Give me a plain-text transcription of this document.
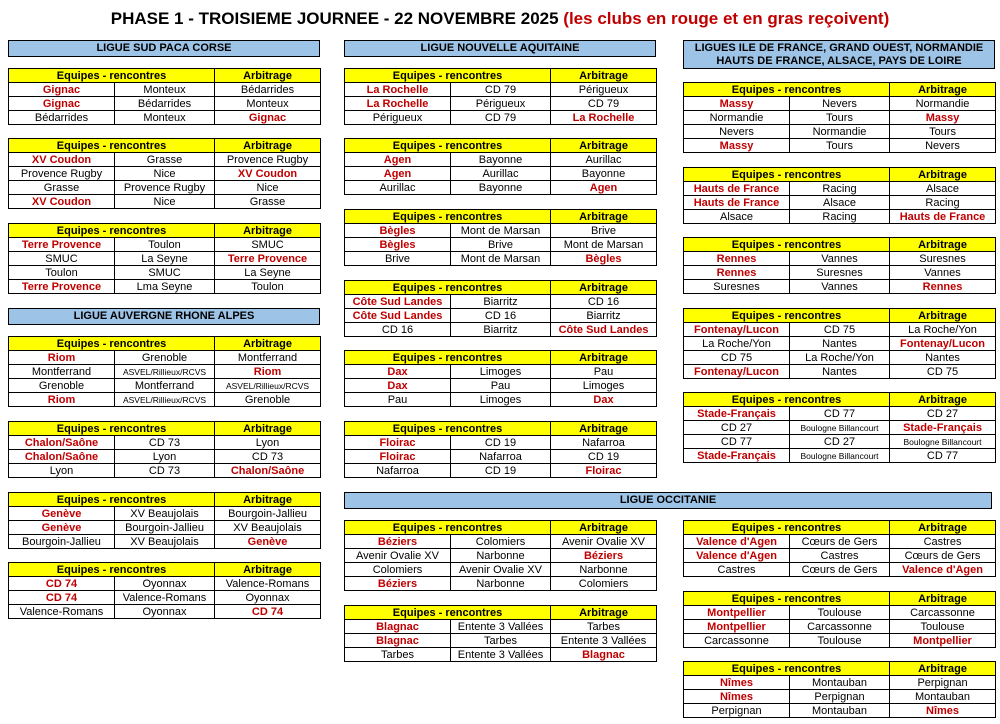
PHASE 1 - TROISIEME JOURNEE - 22 NOVEMBRE 2025 (les clubs en rouge et en gras reçoivent)
LIGUE SUD PACA CORSE
Equipes - rencontres		Arbitrage
Gignac	Monteux	Bédarrides
Gignac	Bédarrides	Monteux
Bédarrides	Monteux	Gignac
Equipes - rencontres		Arbitrage
XV Coudon	Grasse	Provence Rugby
Provence Rugby	Nice	XV Coudon
Grasse	Provence Rugby	Nice
XV Coudon	Nice	Grasse
Equipes - rencontres		Arbitrage
Terre Provence	Toulon	SMUC
SMUC	La Seyne	Terre Provence
Toulon	SMUC	La Seyne
Terre Provence	Lma Seyne	Toulon
LIGUE AUVERGNE RHONE ALPES
Equipes - rencontres		Arbitrage
Riom	Grenoble	Montferrand
Montferrand	ASVEL/Rillieux/RCVS	Riom
Grenoble	Montferrand	ASVEL/Rillieux/RCVS
Riom	ASVEL/Rillieux/RCVS	Grenoble
Equipes - rencontres		Arbitrage
Chalon/Saône	CD 73	Lyon
Chalon/Saône	Lyon	CD 73
Lyon	CD 73	Chalon/Saône
Equipes - rencontres		Arbitrage
Genève	XV Beaujolais	Bourgoin-Jallieu
Genève	Bourgoin-Jallieu	XV Beaujolais
Bourgoin-Jallieu	XV Beaujolais	Genève
Equipes - rencontres		Arbitrage
CD 74	Oyonnax	Valence-Romans
CD 74	Valence-Romans	Oyonnax
Valence-Romans	Oyonnax	CD 74
LIGUE NOUVELLE AQUITAINE
Equipes - rencontres		Arbitrage
La Rochelle	CD 79	Périgueux
La Rochelle	Périgueux	CD 79
Périgueux	CD 79	La Rochelle
Equipes - rencontres		Arbitrage
Agen	Bayonne	Aurillac
Agen	Aurillac	Bayonne
Aurillac	Bayonne	Agen
Equipes - rencontres		Arbitrage
Bègles	Mont de Marsan	Brive
Bègles	Brive	Mont de Marsan
Brive	Mont de Marsan	Bègles
Equipes - rencontres		Arbitrage
Côte Sud Landes	Biarritz	CD 16
Côte Sud Landes	CD 16	Biarritz
CD 16	Biarritz	Côte Sud Landes
Equipes - rencontres		Arbitrage
Dax	Limoges	Pau
Dax	Pau	Limoges
Pau	Limoges	Dax
Equipes - rencontres		Arbitrage
Floirac	CD 19	Nafarroa
Floirac	Nafarroa	CD 19
Nafarroa	CD 19	Floirac
LIGUE OCCITANIE
Equipes - rencontres		Arbitrage
Béziers	Colomiers	Avenir Ovalie XV
Avenir Ovalie XV	Narbonne	Béziers
Colomiers	Avenir Ovalie XV	Narbonne
Béziers	Narbonne	Colomiers
Equipes - rencontres		Arbitrage
Blagnac	Entente 3 Vallées	Tarbes
Blagnac	Tarbes	Entente 3 Vallées
Tarbes	Entente 3 Vallées	Blagnac
LIGUES ILE DE FRANCE, GRAND OUEST, NORMANDIE HAUTS DE FRANCE, ALSACE, PAYS DE LOIRE
Equipes - rencontres		Arbitrage
Massy	Nevers	Normandie
Normandie	Tours	Massy
Nevers	Normandie	Tours
Massy	Tours	Nevers
Equipes - rencontres		Arbitrage
Hauts de France	Racing	Alsace
Hauts de France	Alsace	Racing
Alsace	Racing	Hauts de France
Equipes - rencontres		Arbitrage
Rennes	Vannes	Suresnes
Rennes	Suresnes	Vannes
Suresnes	Vannes	Rennes
Equipes - rencontres		Arbitrage
Fontenay/Lucon	CD 75	La Roche/Yon
La Roche/Yon	Nantes	Fontenay/Lucon
CD 75	La Roche/Yon	Nantes
Fontenay/Lucon	Nantes	CD 75
Equipes - rencontres		Arbitrage
Stade-Français	CD 77	CD 27
CD 27	Boulogne Billancourt	Stade-Français
CD 77	CD 27	Boulogne Billancourt
Stade-Français	Boulogne Billancourt	CD 77
Equipes - rencontres		Arbitrage
Valence d'Agen	Cœurs de Gers	Castres
Valence d'Agen	Castres	Cœurs de Gers
Castres	Cœurs de Gers	Valence d'Agen
Equipes - rencontres		Arbitrage
Montpellier	Toulouse	Carcassonne
Montpellier	Carcassonne	Toulouse
Carcassonne	Toulouse	Montpellier
Equipes - rencontres		Arbitrage
Nîmes	Montauban	Perpignan
Nîmes	Perpignan	Montauban
Perpignan	Montauban	Nîmes
